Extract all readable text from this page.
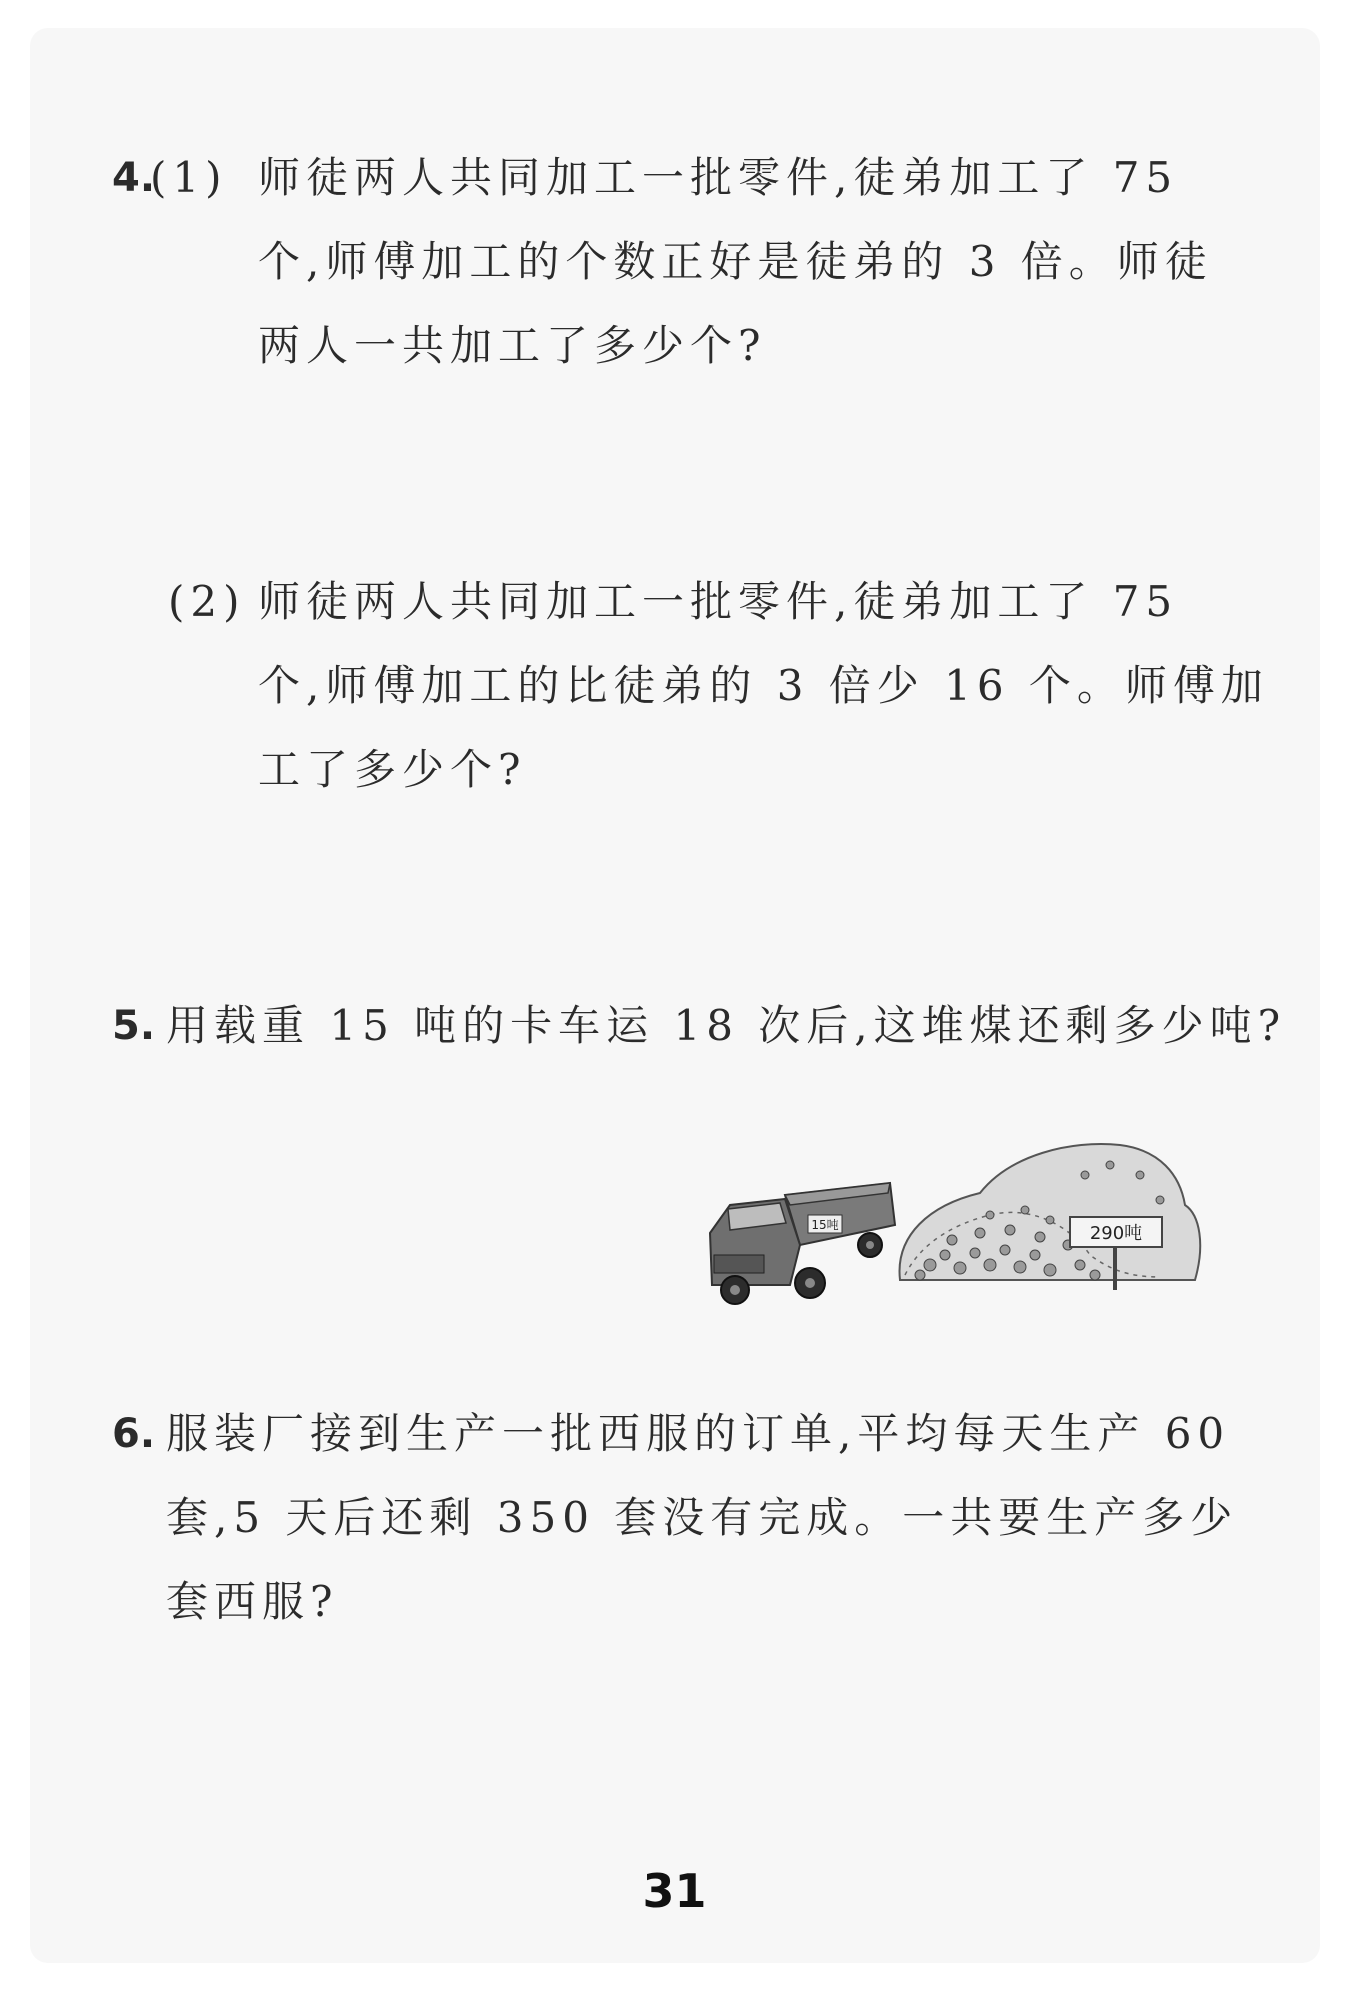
4.
(1) 师徒两人共同加工一批零件,徒弟加工了 75
个,师傅加工的个数正好是徒弟的 3 倍。师徒
两人一共加工了多少个?
(2) 师徒两人共同加工一批零件,徒弟加工了 75
个,师傅加工的比徒弟的 3 倍少 16 个。师傅加
工了多少个?
5. 用载重 15 吨的卡车运 18 次后,这堆煤还剩多少吨?
290吨
15吨
6. 服装厂接到生产一批西服的订单,平均每天生产 60
套,5 天后还剩 350 套没有完成。一共要生产多少
套西服?
31
